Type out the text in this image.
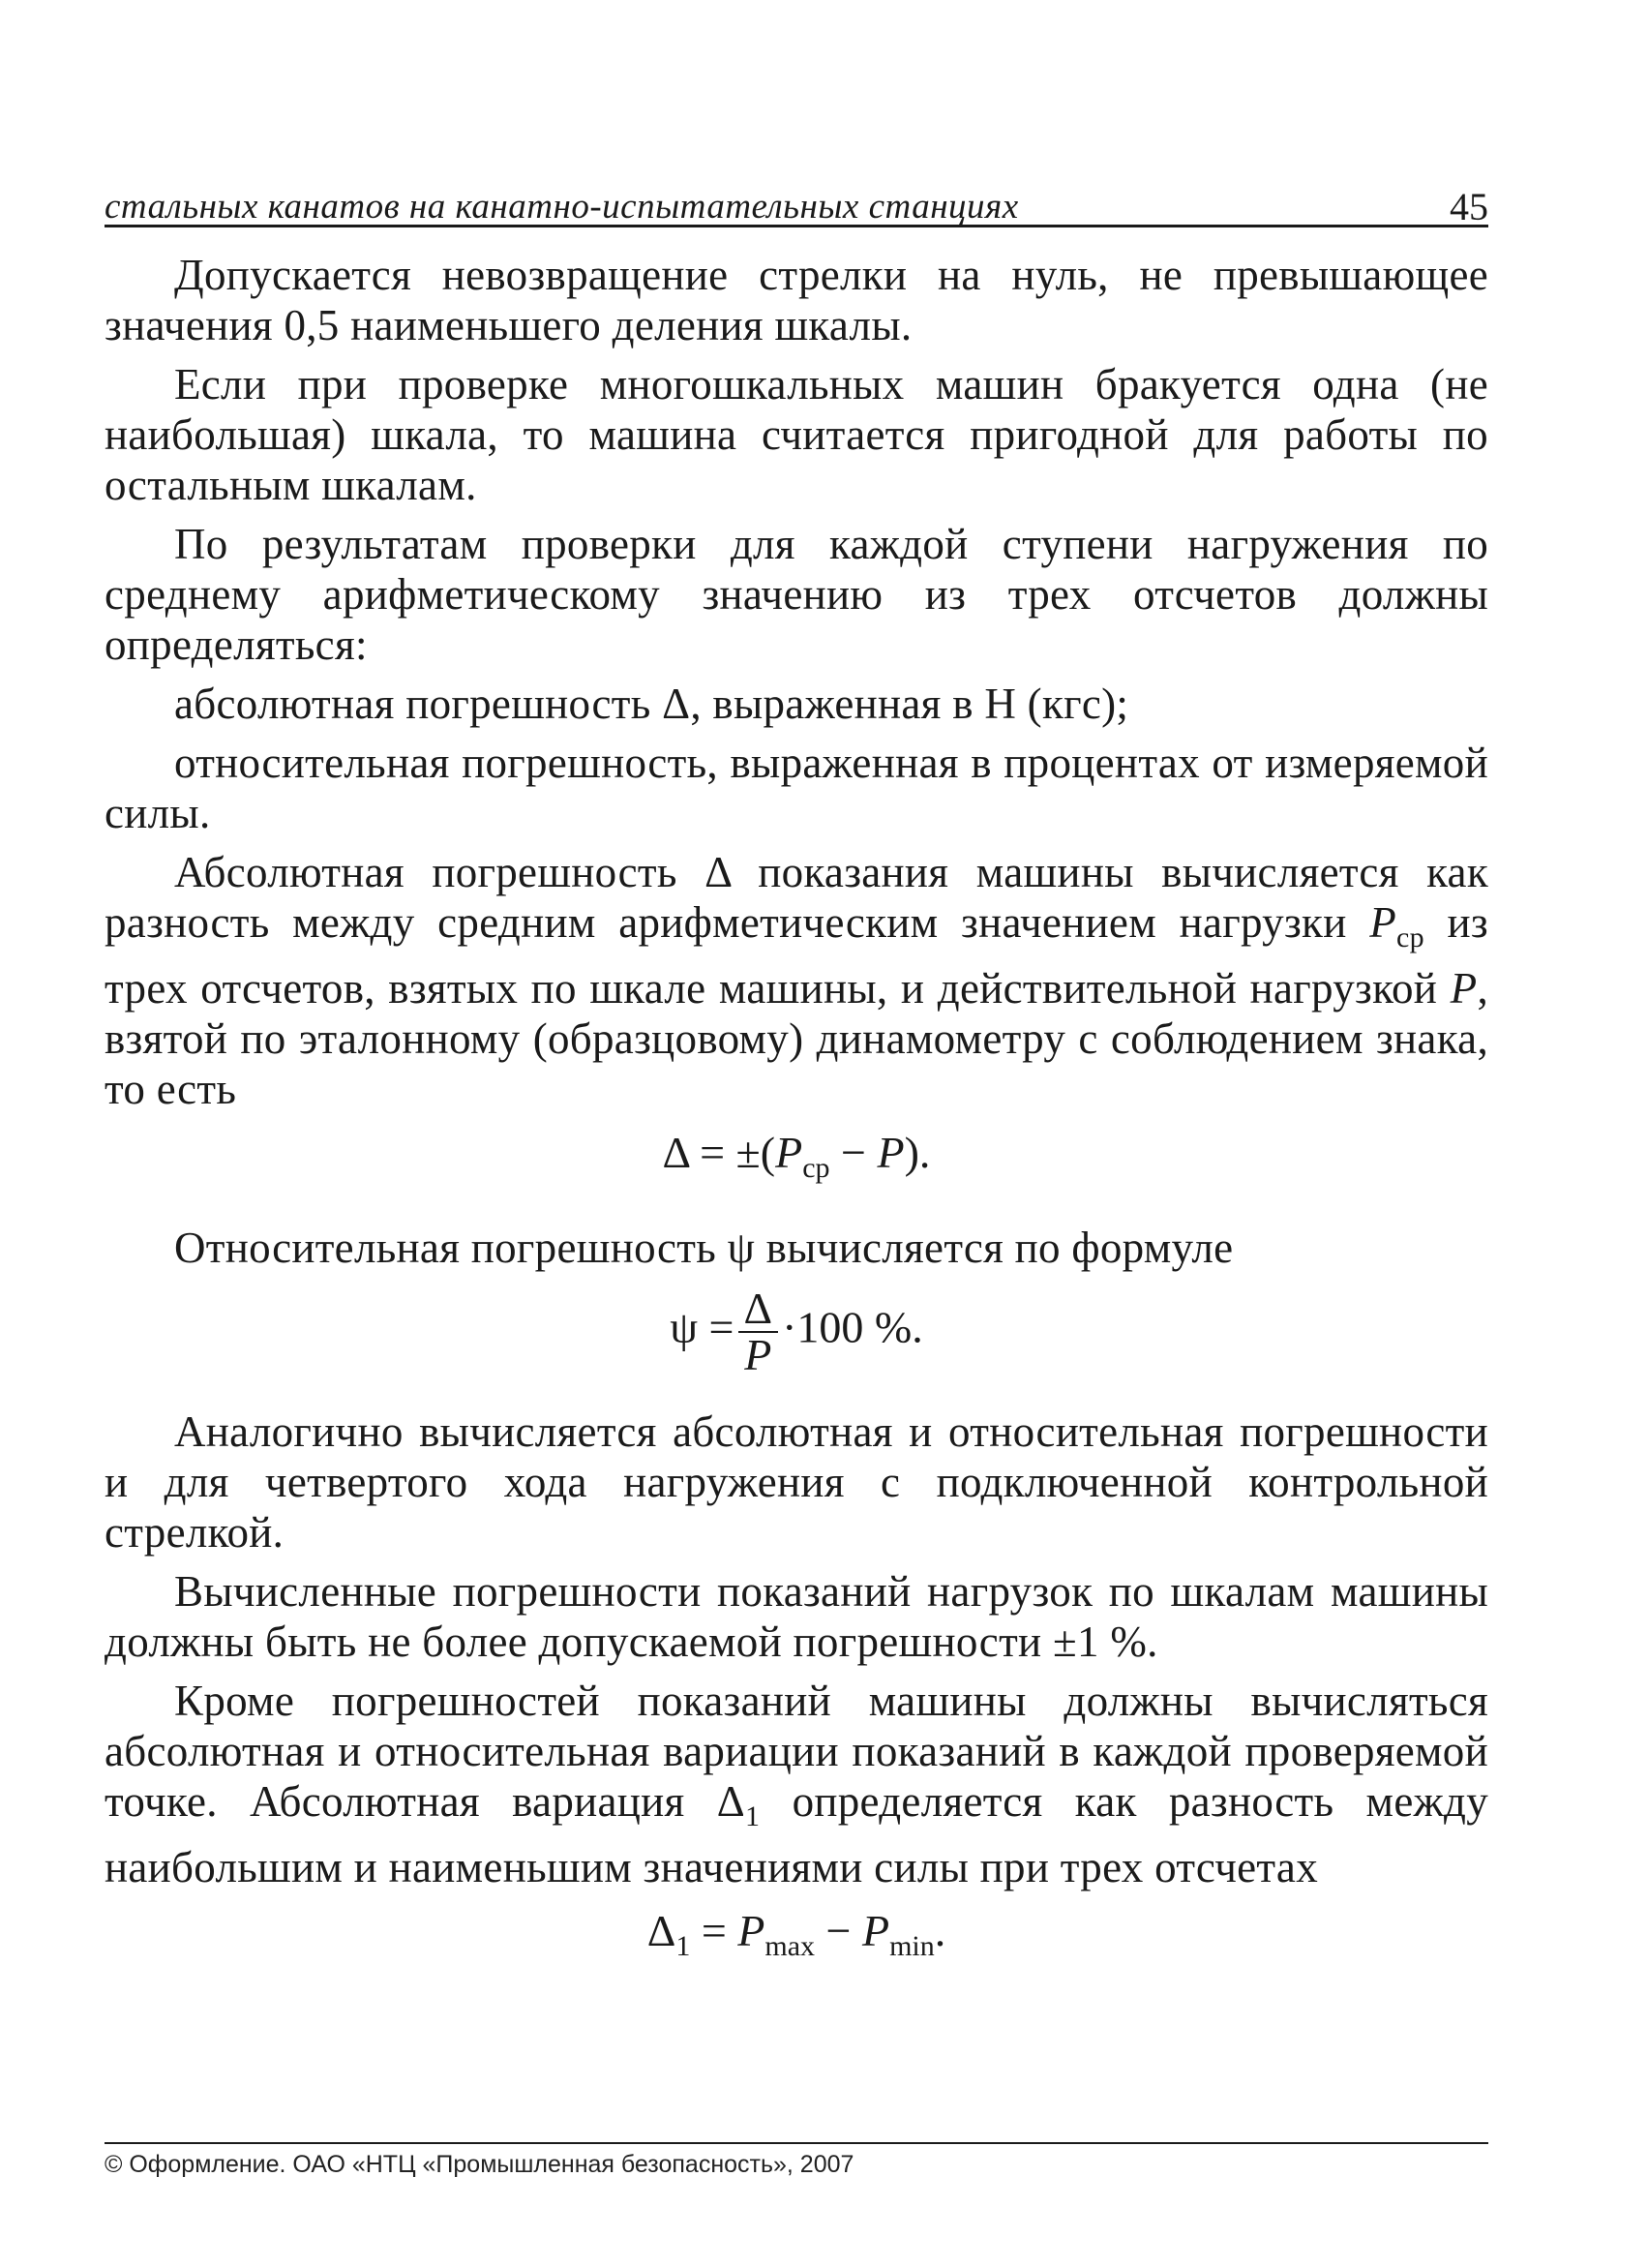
стальных канатов на канатно-испытательных станциях	45

Допускается невозвращение стрелки на нуль, не превышающее значения 0,5 наименьшего деления шкалы.

Если при проверке многошкальных машин бракуется одна (не наибольшая) шкала, то машина считается пригодной для работы по остальным шкалам.

По результатам проверки для каждой ступени нагружения по среднему арифметическому значению из трех отсчетов должны определяться:

абсолютная погрешность Δ, выраженная в Н (кгс);

относительная погрешность, выраженная в процентах от измеряемой силы.

Абсолютная погрешность Δ показания машины вычисляется как разность между средним арифметическим значением нагрузки $P_{ср}$ из трех отсчетов, взятых по шкале машины, и действительной нагрузкой P, взятой по эталонному (образцовому) динамометру с соблюдением знака, то есть

$\Delta = \pm(P_{ср} - P)$.

Относительная погрешность ψ вычисляется по формуле

$\psi = \frac{\Delta}{P} \cdot 100$ %.

Аналогично вычисляется абсолютная и относительная погрешности и для четвертого хода нагружения с подключенной контрольной стрелкой.

Вычисленные погрешности показаний нагрузок по шкалам машины должны быть не более допускаемой погрешности ±1 %.

Кроме погрешностей показаний машины должны вычисляться абсолютная и относительная вариации показаний в каждой проверяемой точке. Абсолютная вариация $\Delta_1$ определяется как разность между наибольшим и наименьшим значениями силы при трех отсчетах

$\Delta_1 = P_{max} - P_{min}$.
© Оформление. ОАО «НТЦ «Промышленная безопасность», 2007
